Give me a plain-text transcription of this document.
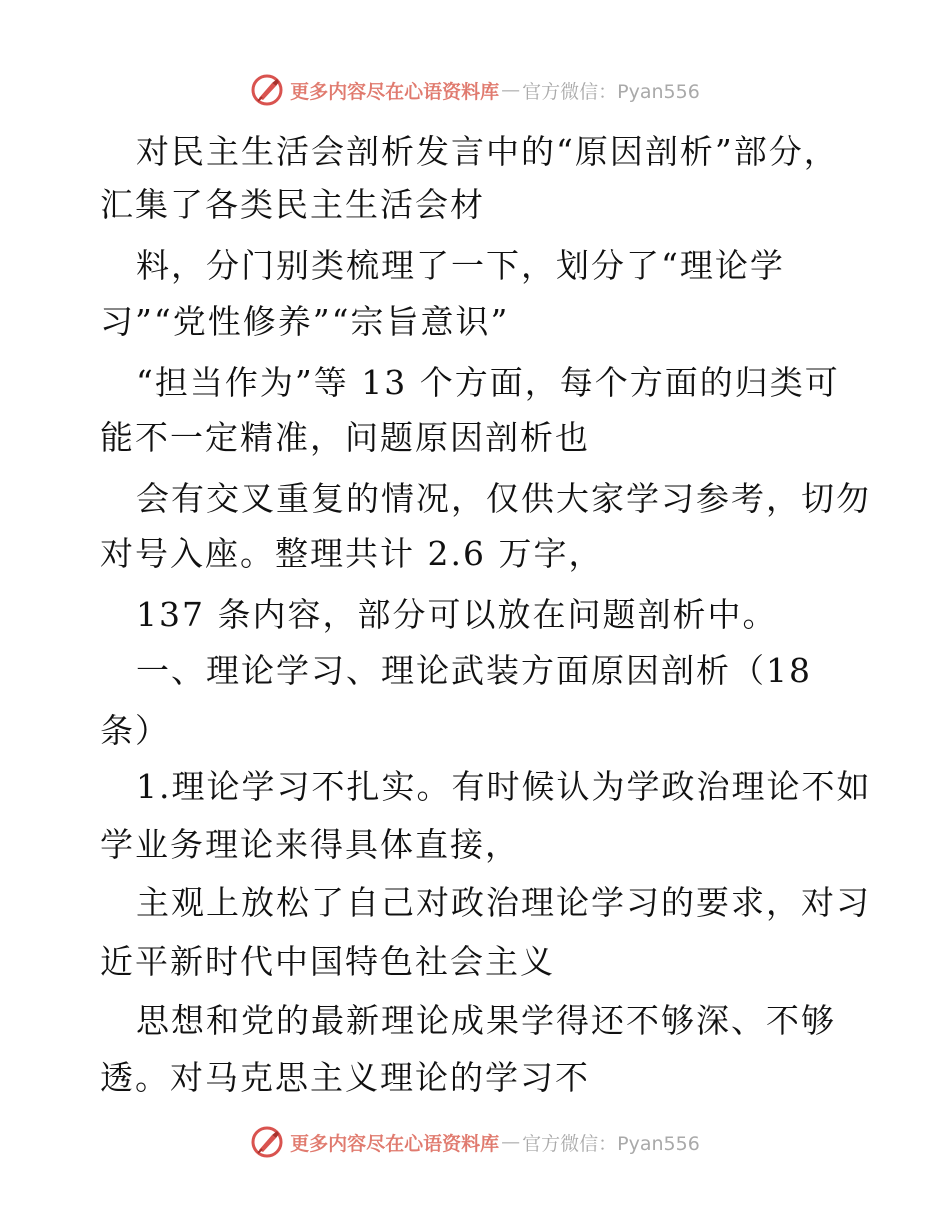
更多内容尽在心语资料库 — 官方微信：Pyan556
对民主生活会剖析发言中的“原因剖析”部分，
汇集了各类民主生活会材
料，分门别类梳理了一下，划分了“理论学
习”“党性修养”“宗旨意识”
“担当作为”等 13 个方面，每个方面的归类可
能不一定精准，问题原因剖析也
会有交叉重复的情况，仅供大家学习参考，切勿
对号入座。整理共计 2.6 万字，
137 条内容，部分可以放在问题剖析中。
一、理论学习、理论武装方面原因剖析（18
条）
1.理论学习不扎实。有时候认为学政治理论不如
学业务理论来得具体直接，
主观上放松了自己对政治理论学习的要求，对习
近平新时代中国特色社会主义
思想和党的最新理论成果学得还不够深、不够
透。对马克思主义理论的学习不
更多内容尽在心语资料库 — 官方微信：Pyan556
